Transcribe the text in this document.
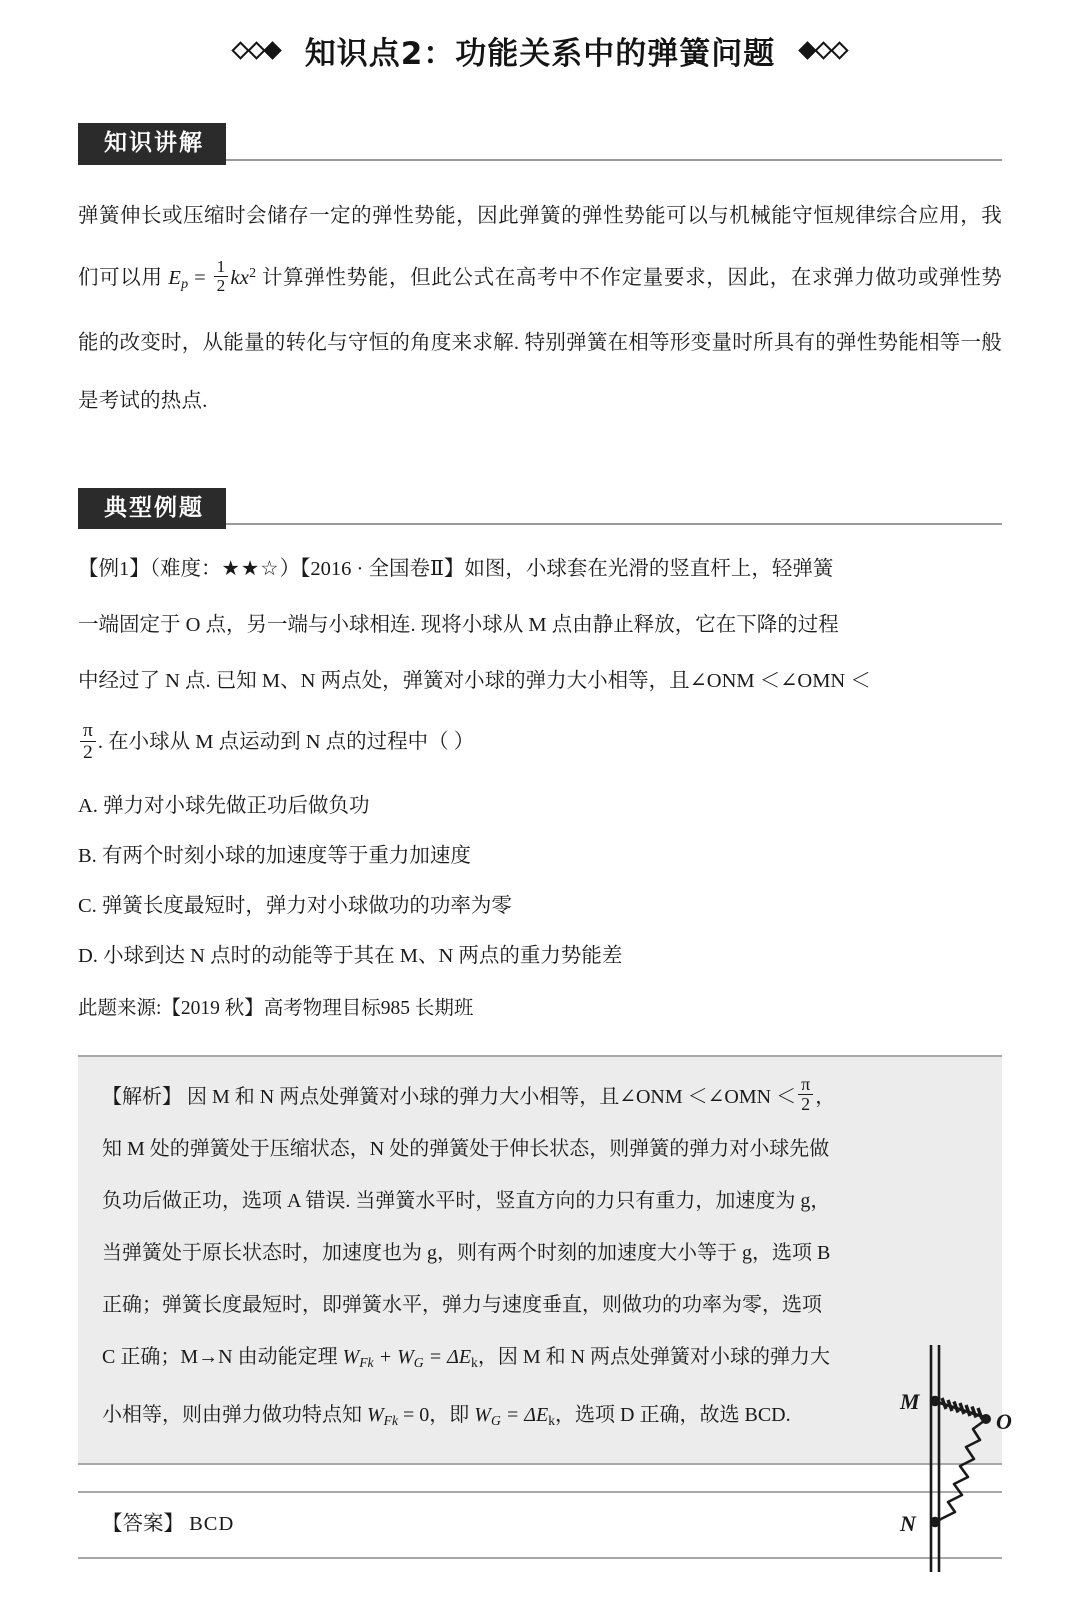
知识点2：功能关系中的弹簧问题
知识讲解
弹簧伸长或压缩时会储存一定的弹性势能，因此弹簧的弹性势能可以与机械能守恒规律综合应用，我们可以用 $E_p = \frac{1}{2} kx^2$ 计算弹性势能，但此公式在高考中不作定量要求，因此，在求弹力做功或弹性势能的改变时，从能量的转化与守恒的角度来求解. 特别弹簧在相等形变量时所具有的弹性势能相等一般是考试的热点.
典型例题
【例1】（难度：★★☆）【2016 · 全国卷Ⅱ】如图，小球套在光滑的竖直杆上，轻弹簧
一端固定于 O 点，另一端与小球相连. 现将小球从 M 点由静止释放，它在下降的过程
中经过了 N 点. 已知 M、N 两点处，弹簧对小球的弹力大小相等，且∠ONM ＜∠OMN ＜
$\frac{\pi}{2}$ . 在小球从 M 点运动到 N 点的过程中（ ）
A. 弹力对小球先做正功后做负功
B. 有两个时刻小球的加速度等于重力加速度
C. 弹簧长度最短时，弹力对小球做功的功率为零
D. 小球到达 N 点时的动能等于其在 M、N 两点的重力势能差
此题来源:【2019 秋】高考物理目标985 长期班
M
N
O

【解析】 因 M 和 N 两点处弹簧对小球的弹力大小相等，且∠ONM ＜∠OMN ＜ $\frac{\pi}{2}$ ，

知 M 处的弹簧处于压缩状态，N 处的弹簧处于伸长状态，则弹簧的弹力对小球先做

负功后做正功，选项 A 错误. 当弹簧水平时，竖直方向的力只有重力，加速度为 g，

当弹簧处于原长状态时，加速度也为 g，则有两个时刻的加速度大小等于 g，选项 B

正确；弹簧长度最短时，即弹簧水平，弹力与速度垂直，则做功的功率为零，选项

C 正确；M→N 由动能定理 $W_{Fk} + W_G = \Delta Ek$，因 M 和 N 两点处弹簧对小球的弹力大

小相等，则由弹力做功特点知 $W_{Fk} = 0$，即 $W_G = \Delta Ek$，选项 D 正确，故选 BCD.

【答案】 BCD
